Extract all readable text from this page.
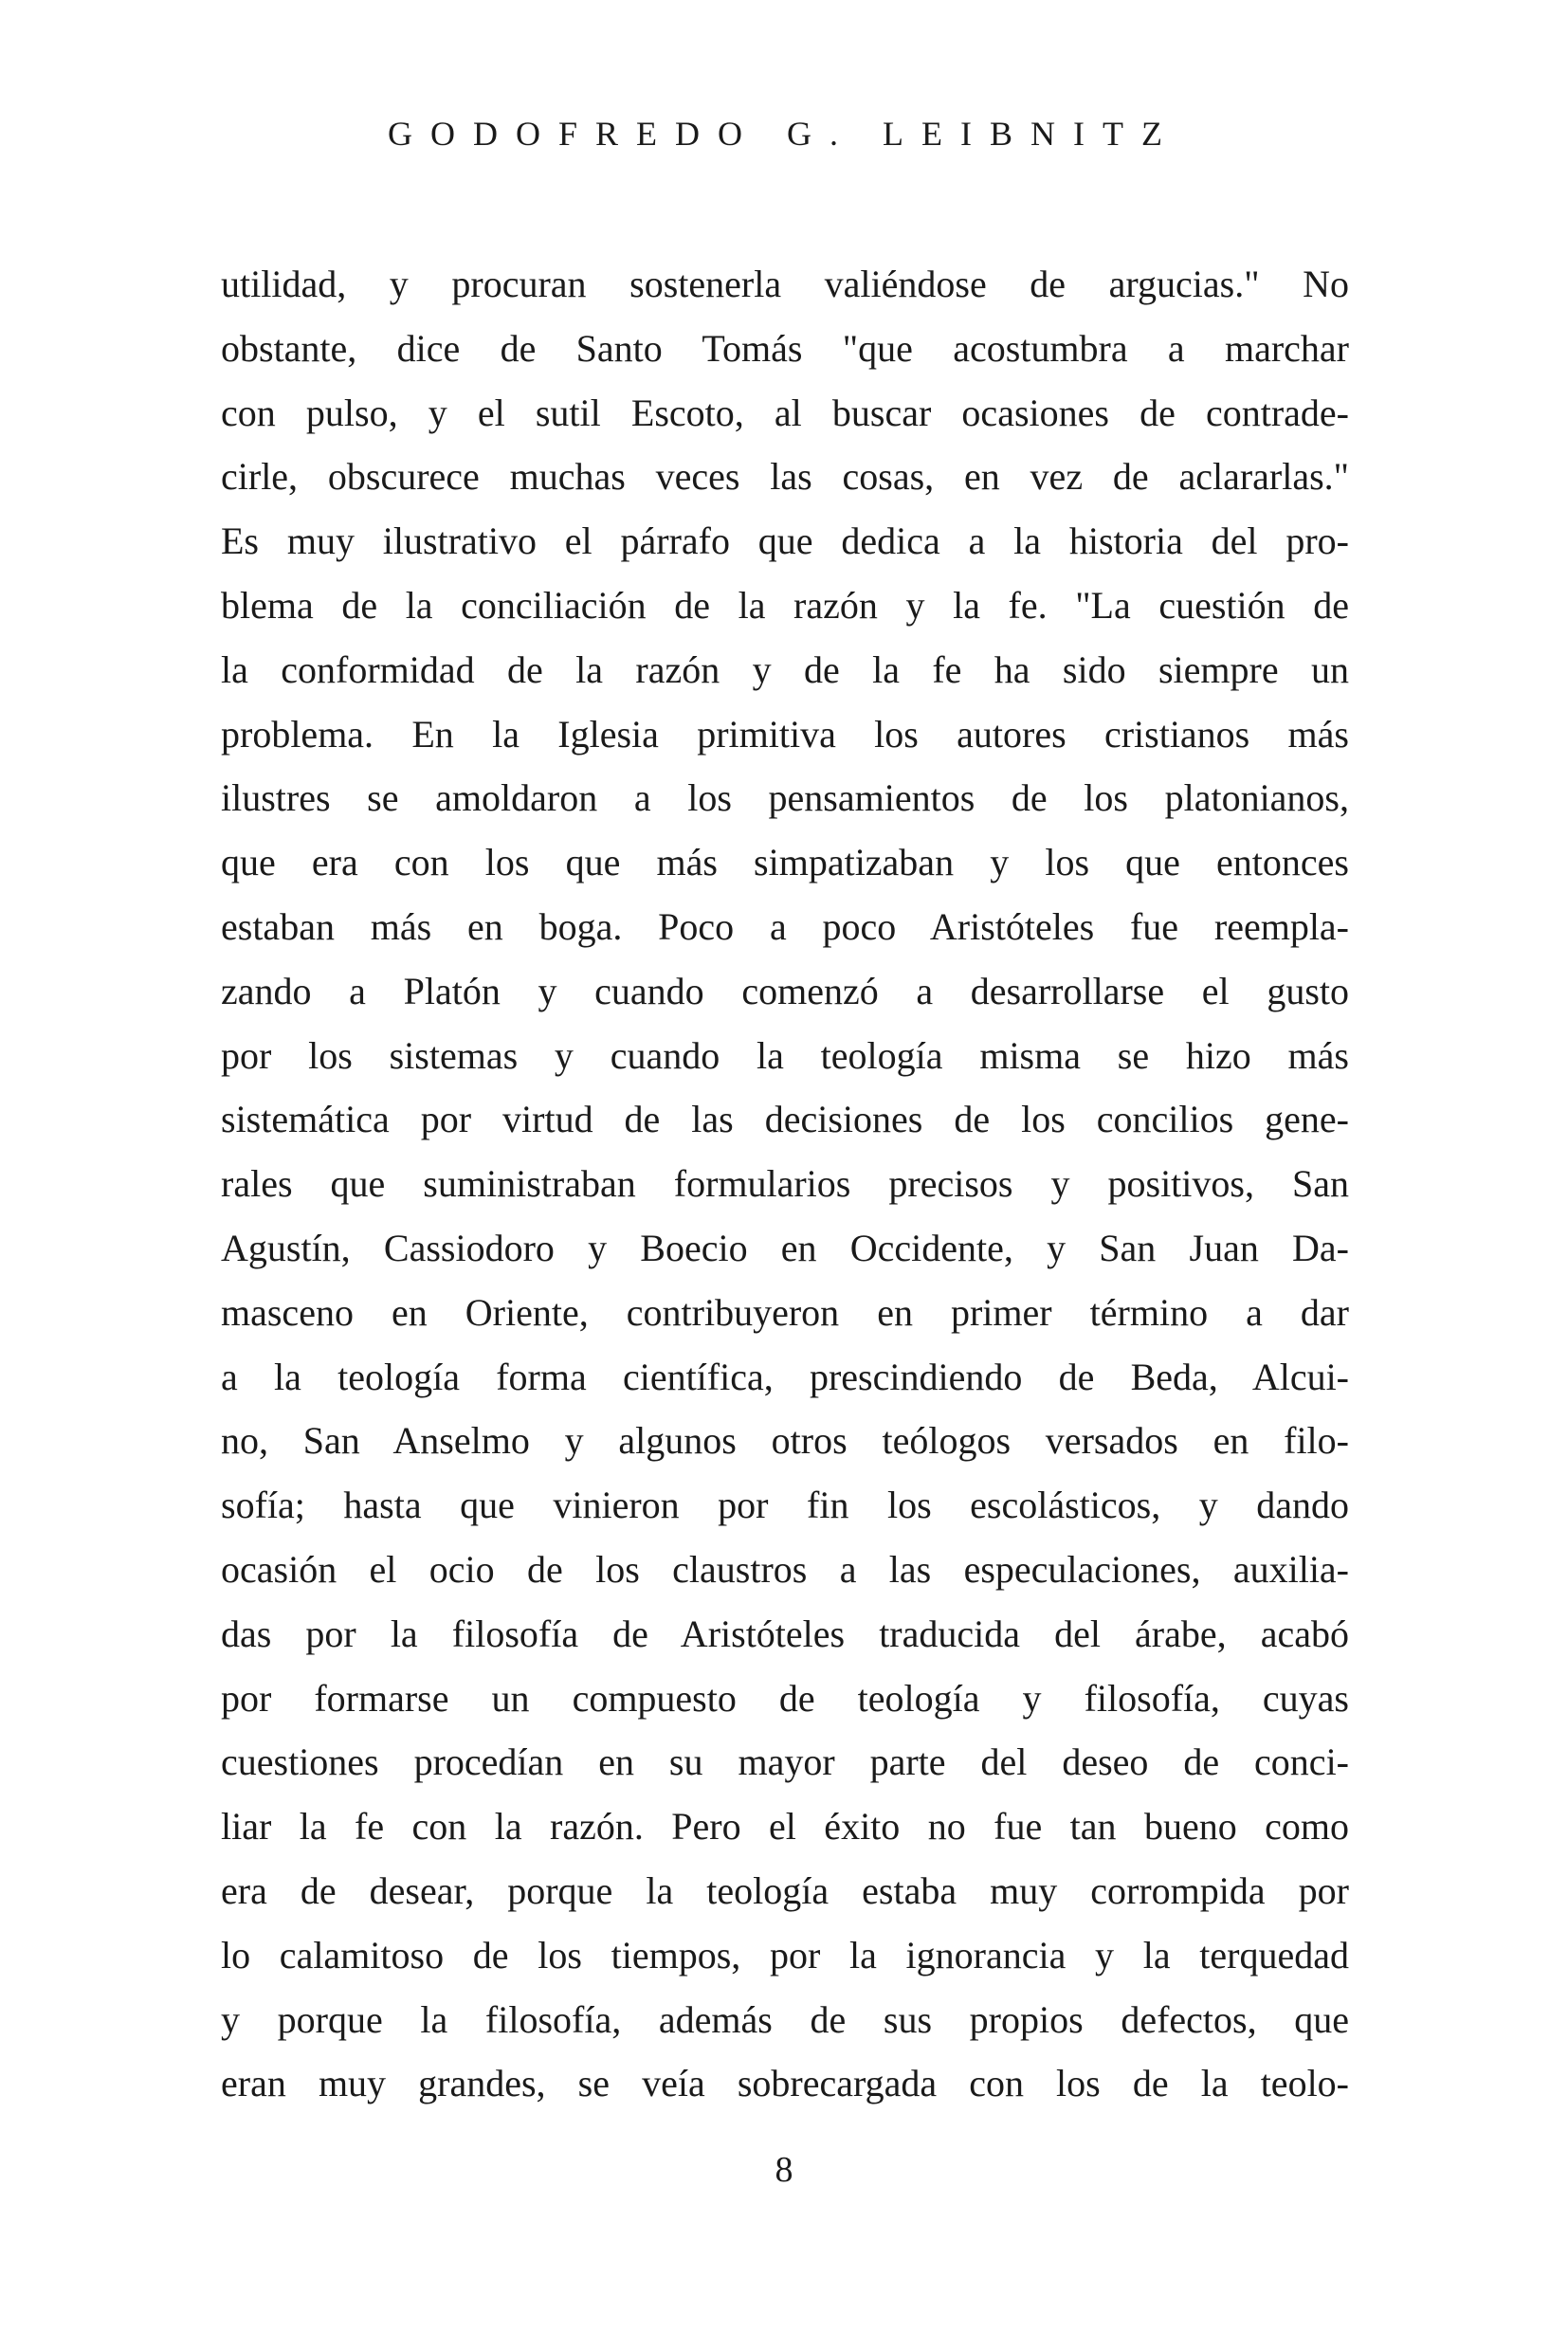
GODOFREDO G. LEIBNITZ
utilidad, y procuran sostenerla valiéndose de argucias." No
obstante, dice de Santo Tomás "que acostumbra a marchar
con pulso, y el sutil Escoto, al buscar ocasiones de contrade-
cirle, obscurece muchas veces las cosas, en vez de aclararlas."
Es muy ilustrativo el párrafo que dedica a la historia del pro-
blema de la conciliación de la razón y la fe. "La cuestión de
la conformidad de la razón y de la fe ha sido siempre un
problema. En la Iglesia primitiva los autores cristianos más
ilustres se amoldaron a los pensamientos de los platonianos,
que era con los que más simpatizaban y los que entonces
estaban más en boga. Poco a poco Aristóteles fue reempla-
zando a Platón y cuando comenzó a desarrollarse el gusto
por los sistemas y cuando la teología misma se hizo más
sistemática por virtud de las decisiones de los concilios gene-
rales que suministraban formularios precisos y positivos, San
Agustín, Cassiodoro y Boecio en Occidente, y San Juan Da-
masceno en Oriente, contribuyeron en primer término a dar
a la teología forma científica, prescindiendo de Beda, Alcui-
no, San Anselmo y algunos otros teólogos versados en filo-
sofía; hasta que vinieron por fin los escolásticos, y dando
ocasión el ocio de los claustros a las especulaciones, auxilia-
das por la filosofía de Aristóteles traducida del árabe, acabó
por formarse un compuesto de teología y filosofía, cuyas
cuestiones procedían en su mayor parte del deseo de conci-
liar la fe con la razón. Pero el éxito no fue tan bueno como
era de desear, porque la teología estaba muy corrompida por
lo calamitoso de los tiempos, por la ignorancia y la terquedad
y porque la filosofía, además de sus propios defectos, que
eran muy grandes, se veía sobrecargada con los de la teolo-
8
